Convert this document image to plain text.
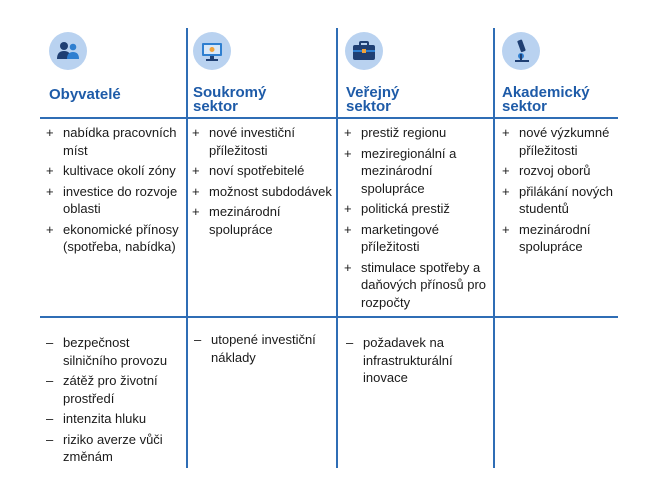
Obyvatelé
+ nabídka pracovních míst
+ kultivace okolí zóny
+ investice do rozvoje oblasti
+ ekonomické přínosy (spotřeba, nabídka)
– bezpečnost silničního provozu
– zátěž pro životní prostředí
– intenzita hluku
– riziko averze vůči změnám
Soukromý
sektor
+ nové investiční příležitosti
+ noví spotřebitelé
+ možnost subdodávek
+ mezinárodní spolupráce
– utopené investiční náklady
Veřejný
sektor
+ prestiž regionu
+ meziregionální a mezinárodní spolupráce
+ politická prestiž
+ marketingové příležitosti
+ stimulace spotřeby a daňových přínosů pro rozpočty
– požadavek na infrastrukturální inovace
Akademický
sektor
+ nové výzkumné příležitosti
+ rozvoj oborů
+ přilákání nových studentů
+ mezinárodní spolupráce
